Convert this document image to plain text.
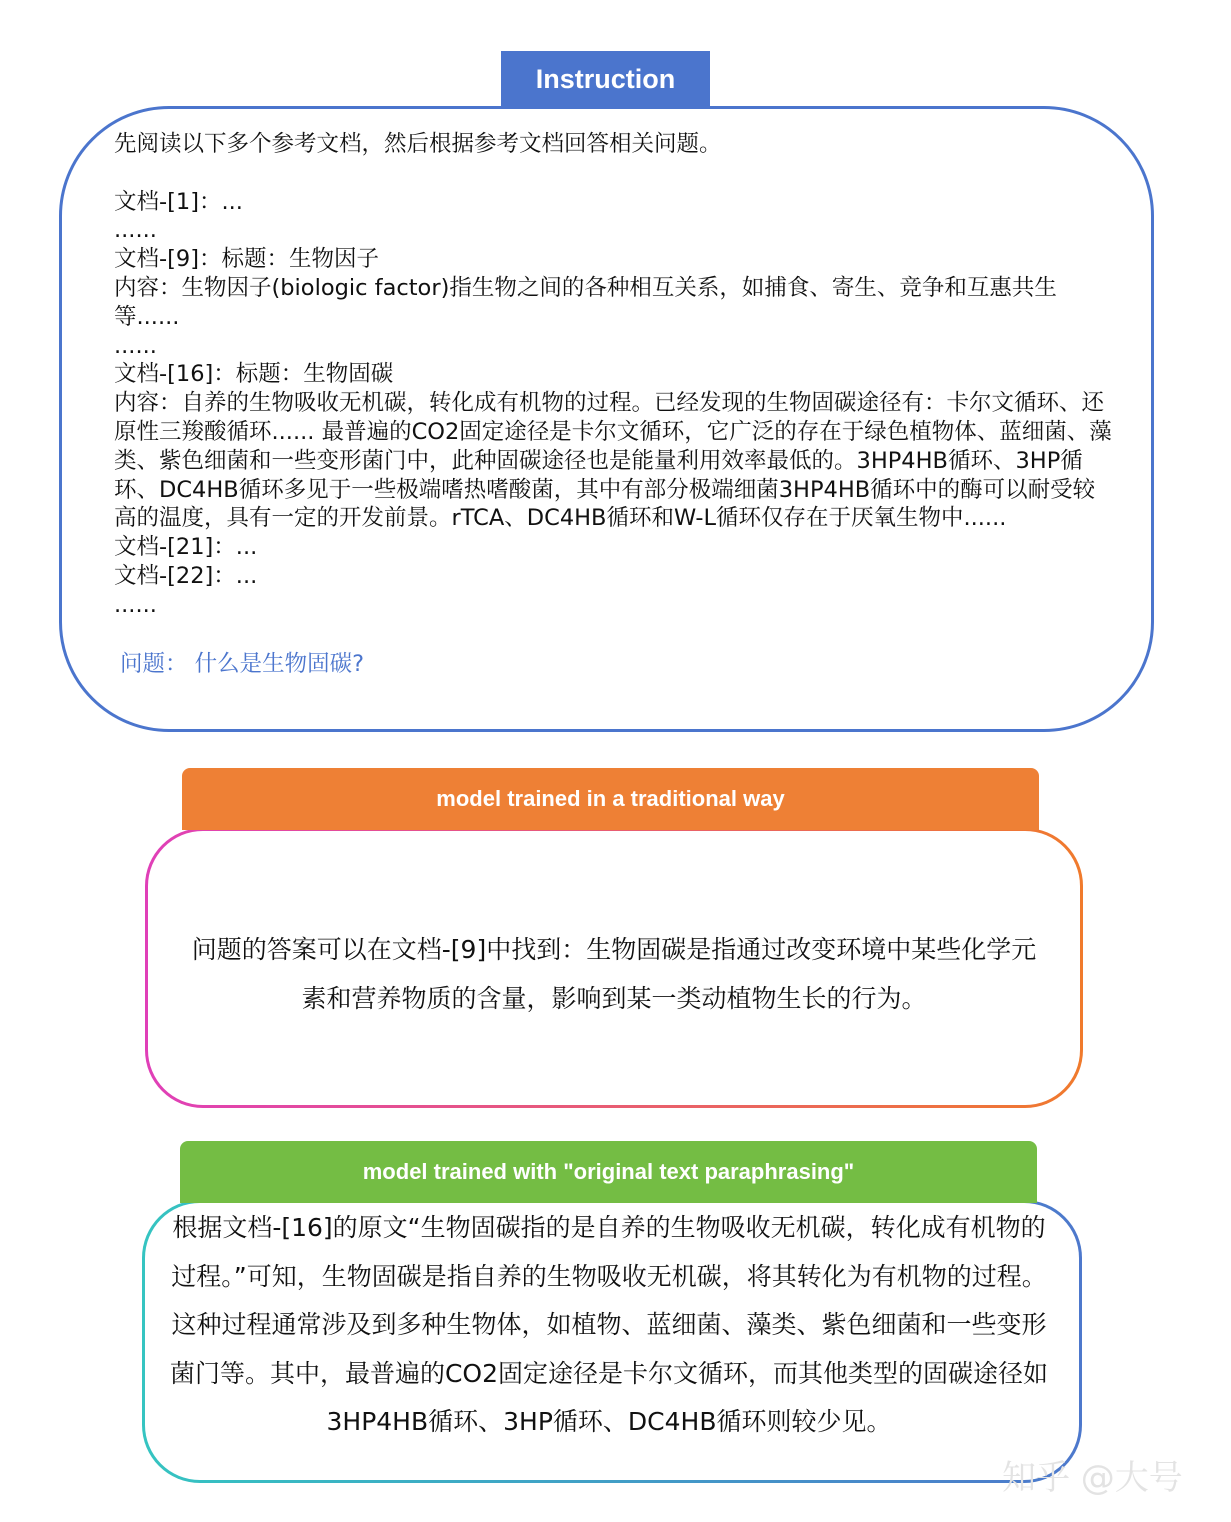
Instruction
先阅读以下多个参考文档，然后根据参考文档回答相关问题。

文档-[1]：...
......
文档-[9]：标题：生物因子
内容：生物因子(biologic factor)指生物之间的各种相互关系，如捕食、寄生、竞争和互惠共生等......
......
文档-[16]：标题：生物固碳
内容：自养的生物吸收无机碳，转化成有机物的过程。已经发现的生物固碳途径有：卡尔文循环、还原性三羧酸循环...... 最普遍的CO2固定途径是卡尔文循环，它广泛的存在于绿色植物体、蓝细菌、藻类、紫色细菌和一些变形菌门中，此种固碳途径也是能量利用效率最低的。3HP4HB循环、3HP循环、DC4HB循环多见于一些极端嗜热嗜酸菌，其中有部分极端细菌3HP4HB循环中的酶可以耐受较高的温度，具有一定的开发前景。rTCA、DC4HB循环和W-L循环仅存在于厌氧生物中......
文档-[21]：...
文档-[22]：...
......
问题： 什么是生物固碳?
model trained in a traditional way
问题的答案可以在文档-[9]中找到：生物固碳是指通过改变环境中某些化学元素和营养物质的含量，影响到某一类动植物生长的行为。
model trained with "original text paraphrasing"
根据文档-[16]的原文“生物固碳指的是自养的生物吸收无机碳，转化成有机物的过程。”可知，生物固碳是指自养的生物吸收无机碳，将其转化为有机物的过程。这种过程通常涉及到多种生物体，如植物、蓝细菌、藻类、紫色细菌和一些变形菌门等。其中，最普遍的CO2固定途径是卡尔文循环，而其他类型的固碳途径如3HP4HB循环、3HP循环、DC4HB循环则较少见。
知乎 @大号
